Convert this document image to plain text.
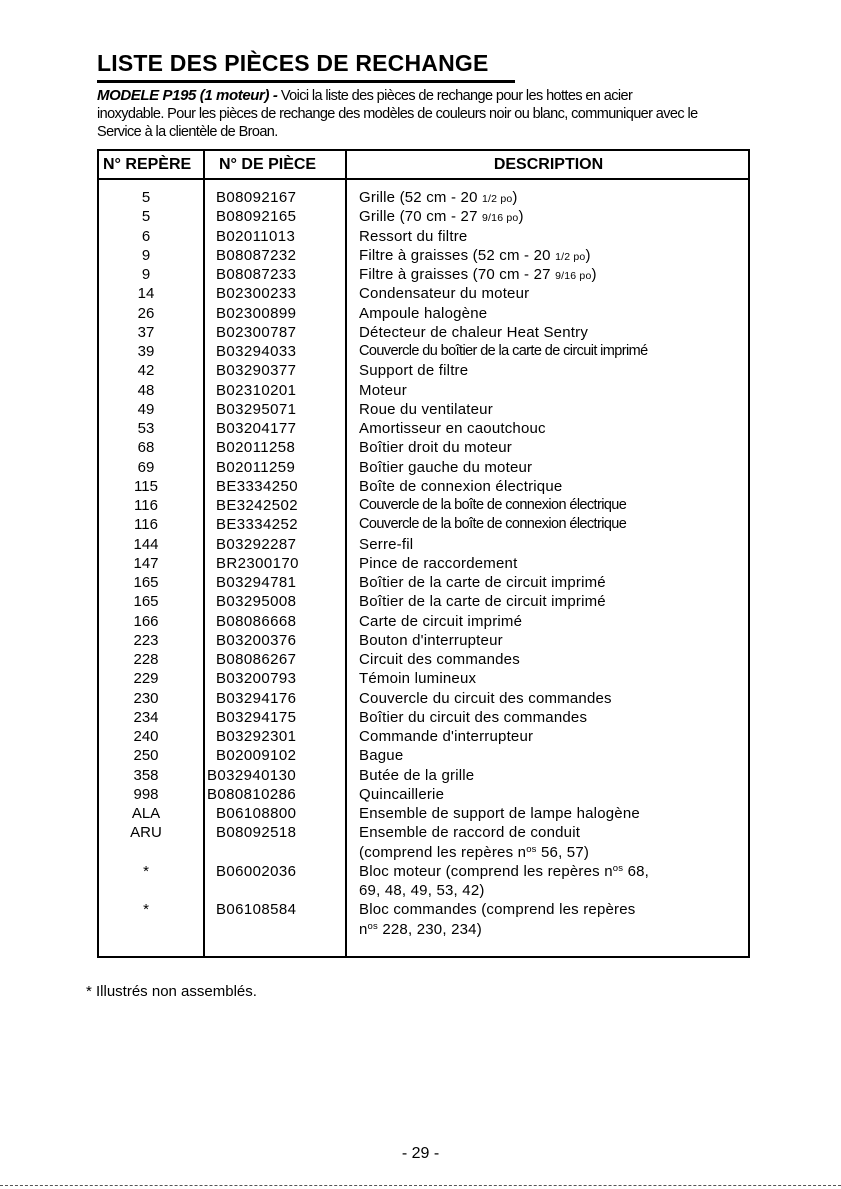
LISTE DES PIÈCES DE RECHANGE
MODELE P195 (1 moteur) - Voici la liste des pièces de rechange pour les hottes en acier
inoxydable. Pour les pièces de rechange des modèles de couleurs noir ou blanc, communiquer avec le
Service à la clientèle de Broan.
N° REPÈRE	N° DE PIÈCE	DESCRIPTION
5	B08092167	Grille (52 cm - 20 1/2 po)
5	B08092165	Grille (70 cm - 27 9/16 po)
6	B02011013	Ressort du filtre
9	B08087232	Filtre à graisses (52 cm - 20 1/2 po)
9	B08087233	Filtre à graisses (70 cm - 27 9/16 po)
14	B02300233	Condensateur du moteur
26	B02300899	Ampoule halogène
37	B02300787	Détecteur de chaleur Heat Sentry
39	B03294033	Couvercle du boîtier de la carte de circuit imprimé
42	B03290377	Support de filtre
48	B02310201	Moteur
49	B03295071	Roue du ventilateur
53	B03204177	Amortisseur en caoutchouc
68	B02011258	Boîtier droit du moteur
69	B02011259	Boîtier gauche du moteur
115	BE3334250	Boîte de connexion électrique
116	BE3242502	Couvercle de la boîte de connexion électrique
116	BE3334252	Couvercle de la boîte de connexion électrique
144	B03292287	Serre-fil
147	BR2300170	Pince de raccordement
165	B03294781	Boîtier de la carte de circuit imprimé
165	B03295008	Boîtier de la carte de circuit imprimé
166	B08086668	Carte de circuit imprimé
223	B03200376	Bouton d'interrupteur
228	B08086267	Circuit des commandes
229	B03200793	Témoin lumineux
230	B03294176	Couvercle du circuit des commandes
234	B03294175	Boîtier du circuit des commandes
240	B03292301	Commande d'interrupteur
250	B02009102	Bague
358	B032940130	Butée de la grille
998	B080810286	Quincaillerie
ALA	B06108800	Ensemble de support de lampe halogène
ARU	B08092518	Ensemble de raccord de conduit
(comprend les repères $n^{os}$ 56, 57)
*	B06002036	Bloc moteur (comprend les repères $n^{os}$ 68,
69, 48, 49, 53, 42)
*	B06108584	Bloc commandes (comprend les repères
$n^{os}$ 228, 230, 234)
* Illustrés non assemblés.
- 29 -
